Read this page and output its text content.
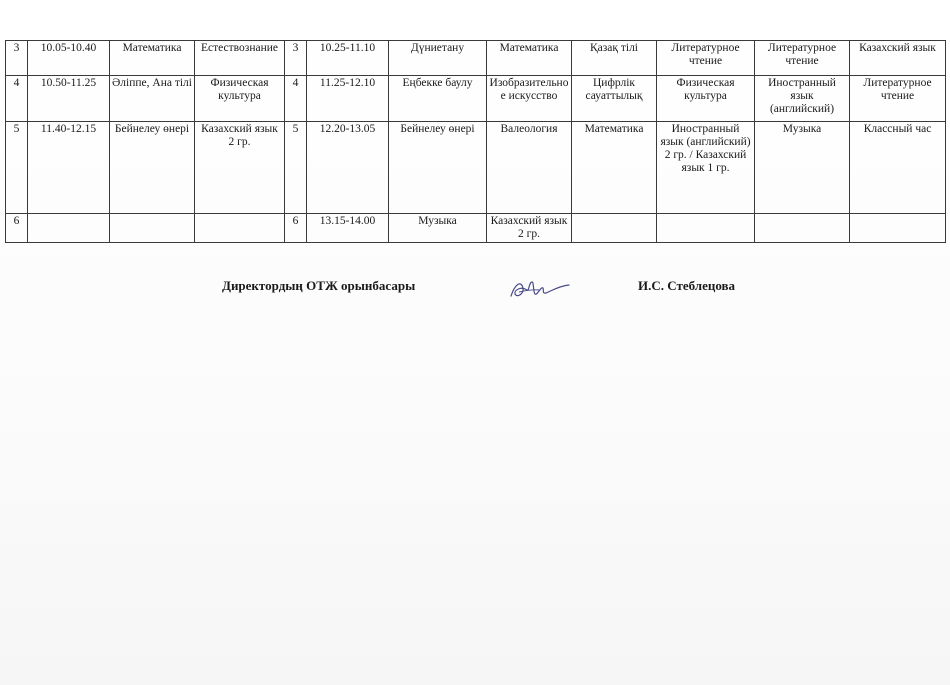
3	10.05-10.40	Математика	Естествознание	3	10.25-11.10	Дүниетану	Математика	Қазақ тілі	Литературное чтение	Литературное чтение	Казахский язык
4	10.50-11.25	Әліппе, Ана тілі	Физическая культура	4	11.25-12.10	Еңбекке баулу	Изобразительное искусство	Цифрлік сауаттылық	Физическая культура	Иностранный язык (английский)	Литературное чтение
5	11.40-12.15	Бейнелеу өнері	Казахский язык 2 гр.	5	12.20-13.05	Бейнелеу өнері	Валеология	Математика	Иностранный язык (английский) 2 гр. / Казахский язык 1 гр.	Музыка	Классный час
6				6	13.15-14.00	Музыка	Казахский язык 2 гр.				
Директордың ОТЖ орынбасары	И.С. Стеблецова
